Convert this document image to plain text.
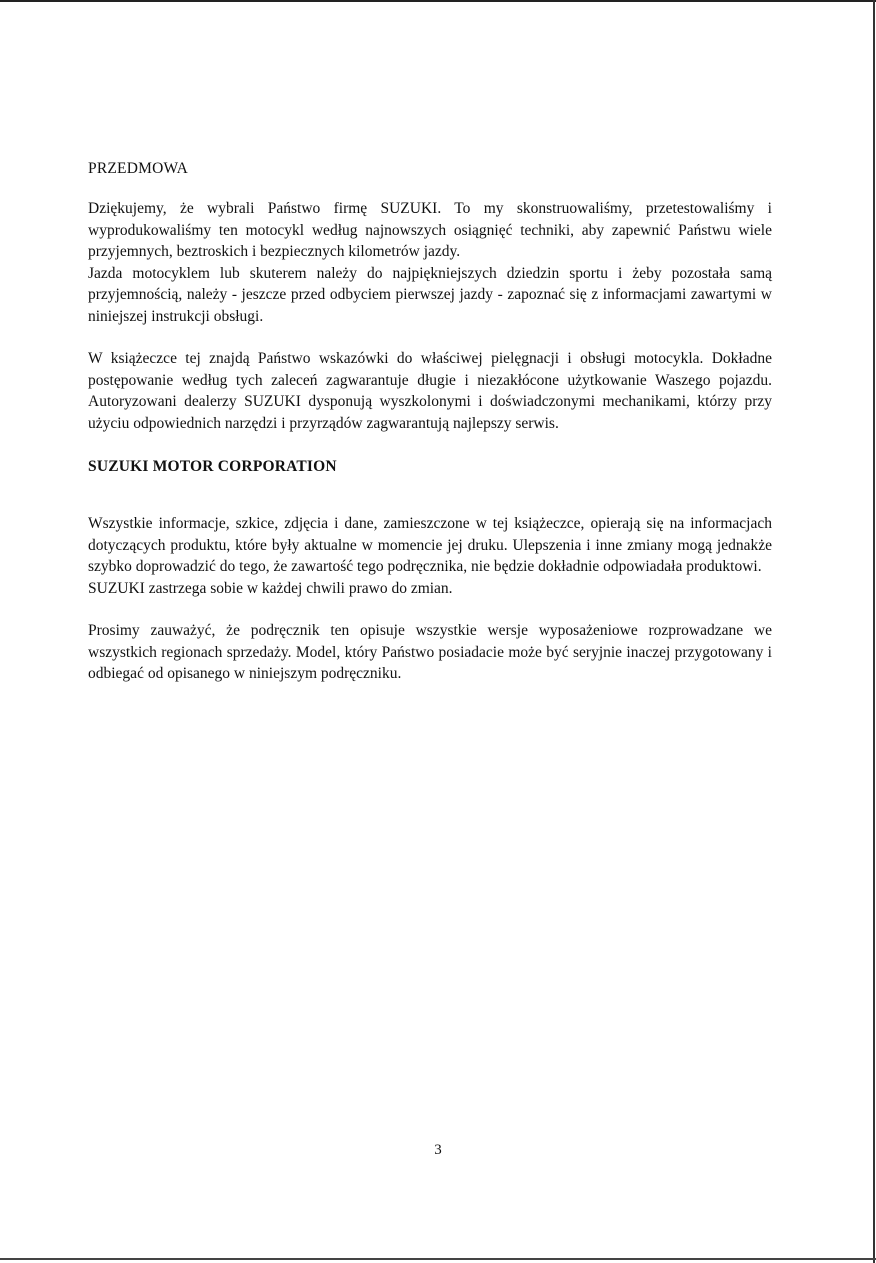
PRZEDMOWA

Dziękujemy, że wybrali Państwo firmę SUZUKI. To my skonstruowaliśmy, przetestowaliśmy i wyprodukowaliśmy ten motocykl według najnowszych osiągnięć techniki, aby zapewnić Państwu wiele przyjemnych, beztroskich i bezpiecznych kilometrów jazdy.

Jazda motocyklem lub skuterem należy do najpiękniejszych dziedzin sportu i żeby pozostała samą przyjemnością, należy - jeszcze przed odbyciem pierwszej jazdy - zapoznać się z informacjami zawartymi w niniejszej instrukcji obsługi.

W książeczce tej znajdą Państwo wskazówki do właściwej pielęgnacji i obsługi motocykla. Dokładne postępowanie według tych zaleceń zagwarantuje długie i niezakłócone użytkowanie Waszego pojazdu. Autoryzowani dealerzy SUZUKI dysponują wyszkolonymi i doświadczonymi mechanikami, którzy przy użyciu odpowiednich narzędzi i przyrządów zagwarantują najlepszy serwis.

SUZUKI MOTOR CORPORATION

Wszystkie informacje, szkice, zdjęcia i dane, zamieszczone w tej książeczce, opierają się na informacjach dotyczących produktu, które były aktualne w momencie jej druku. Ulepszenia i inne zmiany mogą jednakże szybko doprowadzić do tego, że zawartość tego podręcznika, nie będzie dokładnie odpowiadała produktowi.

SUZUKI zastrzega sobie w każdej chwili prawo do zmian.

Prosimy zauważyć, że podręcznik ten opisuje wszystkie wersje wyposażeniowe rozprowadzane we wszystkich regionach sprzedaży. Model, który Państwo posiadacie może być seryjnie inaczej przygotowany i odbiegać od opisanego w niniejszym podręczniku.

3
